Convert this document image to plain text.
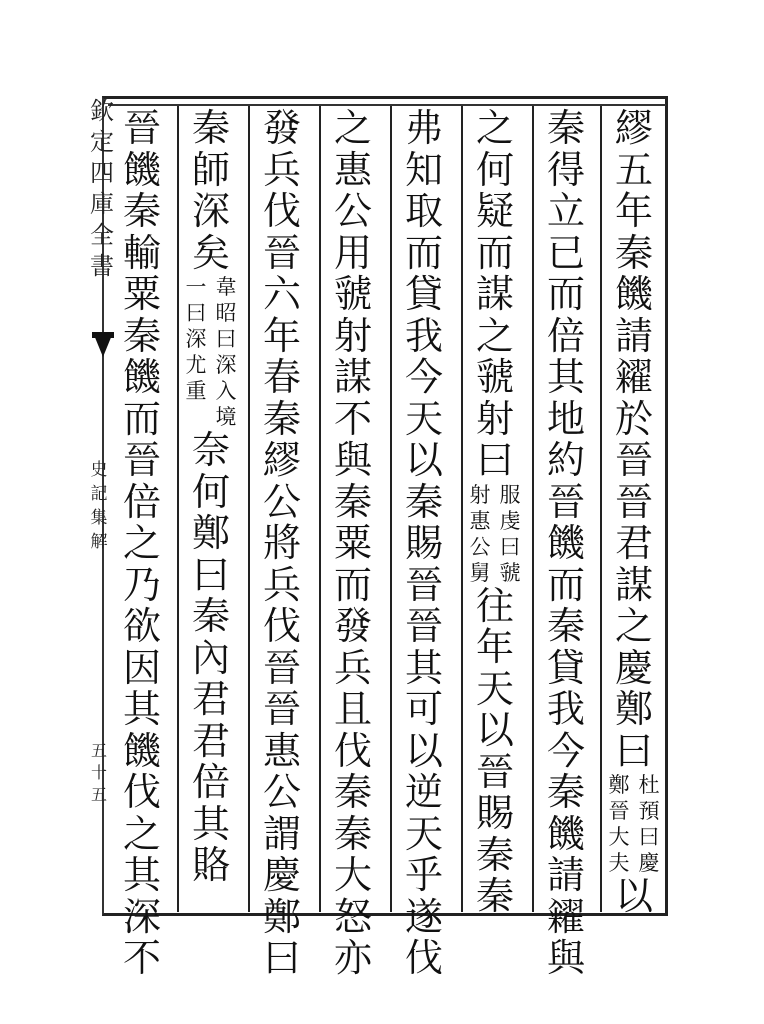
欽定四庫全書
史記集解
五十五
繆五年秦饑請糴於晉晉君謀之慶鄭曰
杜預曰慶
鄭晉大夫
以
秦得立已而倍其地約晉饑而秦貸我今秦饑請糴與
之何疑而謀之虢射曰
服虔曰虢
射惠公舅
往年天以晉賜秦秦
弗知取而貸我今天以秦賜晉晉其可以逆天乎遂伐
之惠公用虢射謀不與秦粟而發兵且伐秦秦大怒亦
發兵伐晉六年春秦繆公將兵伐晉晉惠公謂慶鄭曰
秦師深矣
韋昭曰深入境
一曰深尤重
奈何鄭曰秦內君君倍其賂
晉饑秦輸粟秦饑而晉倍之乃欲因其饑伐之其深不
